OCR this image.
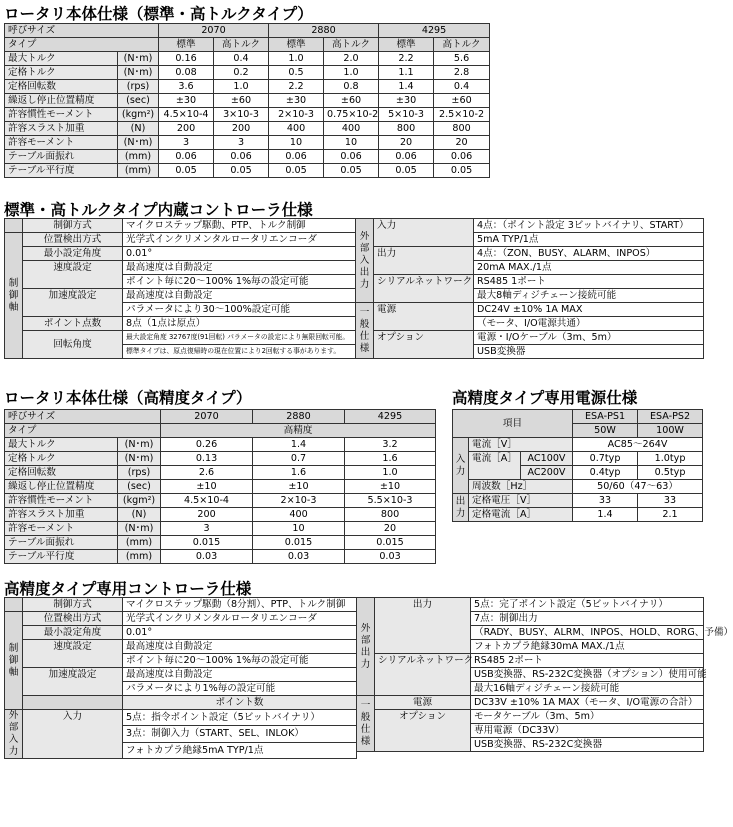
ロータリ本体仕様（標準・高トルクタイプ）
呼びサイズ		2070		2880		4295	
タイプ		標準	高トルク	標準	高トルク	標準	高トルク
最大トルク	(N･m)	0.16	0.4	1.0	2.0	2.2	5.6
定格トルク	(N･m)	0.08	0.2	0.5	1.0	1.1	2.8
定格回転数	(rps)	3.6	1.0	2.2	0.8	1.4	0.4
繰返し停止位置精度	(sec)	±30	±60	±30	±60	±30	±60
許容慣性モーメント	(kgm²)	4.5×10-4	3×10-3	2×10-3	0.75×10-2	5×10-3	2.5×10-2
許容スラスト加重	(N)	200	200	400	400	800	800
許容モーメント	(N･m)	3	3	10	10	20	20
テーブル面振れ	(mm)	0.06	0.06	0.06	0.06	0.06	0.06
テーブル平行度	(mm)	0.05	0.05	0.05	0.05	0.05	0.05
標準・高トルクタイプ内蔵コントローラ仕様
	制御方式	マイクロステップ駆動、PTP、トルク制御
制御軸	位置検出方式	光学式インクリメンタルロータリエンコーダ
	最小設定角度	0.01°
	速度設定	最高速度は自動設定
		ポイント毎に20～100% 1%毎の設定可能
	加速度設定	最高速度は自動設定
		パラメータにより30～100%設定可能
	ポイント点数	8点（1点は原点）
	回転角度	最大設定角度 32767度(91回転) パラメータの設定により無限回転可能。
		標準タイプは、原点復帰時の現在位置により2回転する事があります。
外部入出力	入力	4点：（ポイント設定 3ビットバイナリ、START）
		5mA TYP/1点
	出力	4点：（ZON、BUSY、ALARM、INPOS）
		20mA MAX./1点
	シリアルネットワーク	RS485 1ポート
		最大8軸ディジチェーン接続可能
一般仕様	電源	DC24V ±10% 1A MAX
		（モータ、I/O電源共通）
	オプション	電源・I/Oケーブル（3m、5m）
		USB変換器
ロータリ本体仕様（高精度タイプ）
呼びサイズ		2070	2880	4295
タイプ		高精度		
最大トルク	(N･m)	0.26	1.4	3.2
定格トルク	(N･m)	0.13	0.7	1.6
定格回転数	(rps)	2.6	1.6	1.0
繰返し停止位置精度	(sec)	±10	±10	±10
許容慣性モーメント	(kgm²)	4.5×10-4	2×10-3	5.5×10-3
許容スラスト加重	(N)	200	400	800
許容モーメント	(N･m)	3	10	20
テーブル面振れ	(mm)	0.015	0.015	0.015
テーブル平行度	(mm)	0.03	0.03	0.03
高精度タイプ専用電源仕様
項目			ESA-PS1	ESA-PS2
			50W	100W
入力	電流［V］		AC85～264V	
	電流［A］	AC100V	0.7typ	1.0typ
		AC200V	0.4typ	0.5typ
	周波数［Hz］		50/60（47～63）	
出力	定格電圧［V］		33	33
	定格電流［A］		1.4	2.1
高精度タイプ専用コントローラ仕様
	制御方式	マイクロステップ駆動（8分割）、PTP、トルク制御	
制御軸	位置検出方式	光学式インクリメンタルロータリエンコーダ	
	最小設定角度	0.01°	
	速度設定	最高速度は自動設定	
		ポイント毎に20～100% 1%毎の設定可能	
	加速度設定	最高速度は自動設定	
		パラメータにより1%毎の設定可能	
		ポイント数	
外部入力	入力	5点：指令ポイント設定（5ビットバイナリ）	
		3点：制御入力（START、SEL、INLOK）	
		フォトカプラ絶縁5mA TYP/1点	
外部出力	出力	5点：完了ポイント設定（5ビットバイナリ）
		7点：制御出力
		（RADY、BUSY、ALRM、INPOS、HOLD、RORG、予備）
		フォトカプラ絶縁30mA MAX./1点
	シリアルネットワーク	RS485 2ポート
		USB変換器、RS-232C変換器（オプション）使用可能
		最大16軸ディジチェーン接続可能
一般仕様	電源	DC33V ±10% 1A MAX（モータ、I/O電源の合計）
	オプション	モータケーブル（3m、5m）
		専用電源（DC33V）
		USB変換器、RS-232C変換器
